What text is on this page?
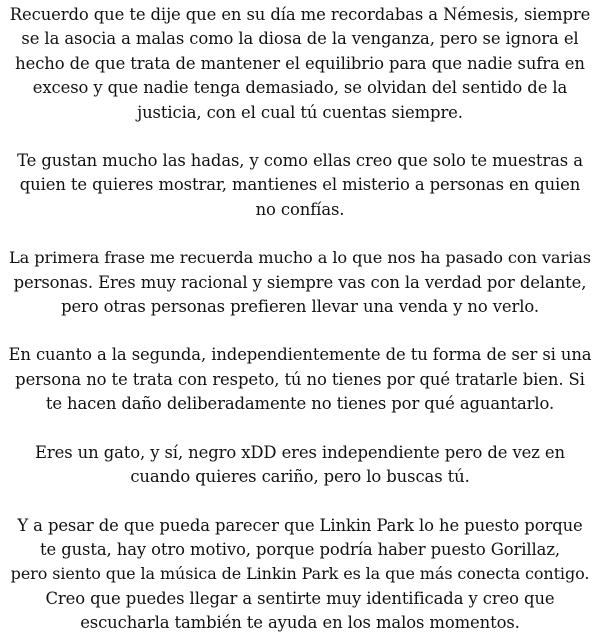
Recuerdo que te dije que en su día me recordabas a Némesis, siempre
se la asocia a malas como la diosa de la venganza, pero se ignora el
hecho de que trata de mantener el equilibrio para que nadie sufra en
exceso y que nadie tenga demasiado, se olvidan del sentido de la
justicia, con el cual tú cuentas siempre.

Te gustan mucho las hadas, y como ellas creo que solo te muestras a
quien te quieres mostrar, mantienes el misterio a personas en quien
no confías.

La primera frase me recuerda mucho a lo que nos ha pasado con varias
personas. Eres muy racional y siempre vas con la verdad por delante,
pero otras personas prefieren llevar una venda y no verlo.

En cuanto a la segunda, independientemente de tu forma de ser si una
persona no te trata con respeto, tú no tienes por qué tratarle bien. Si
te hacen daño deliberadamente no tienes por qué aguantarlo.

Eres un gato, y sí, negro xDD eres independiente pero de vez en
cuando quieres cariño, pero lo buscas tú.

Y a pesar de que pueda parecer que Linkin Park lo he puesto porque
te gusta, hay otro motivo, porque podría haber puesto Gorillaz,
pero siento que la música de Linkin Park es la que más conecta contigo.
Creo que puedes llegar a sentirte muy identificada y creo que
escucharla también te ayuda en los malos momentos.
